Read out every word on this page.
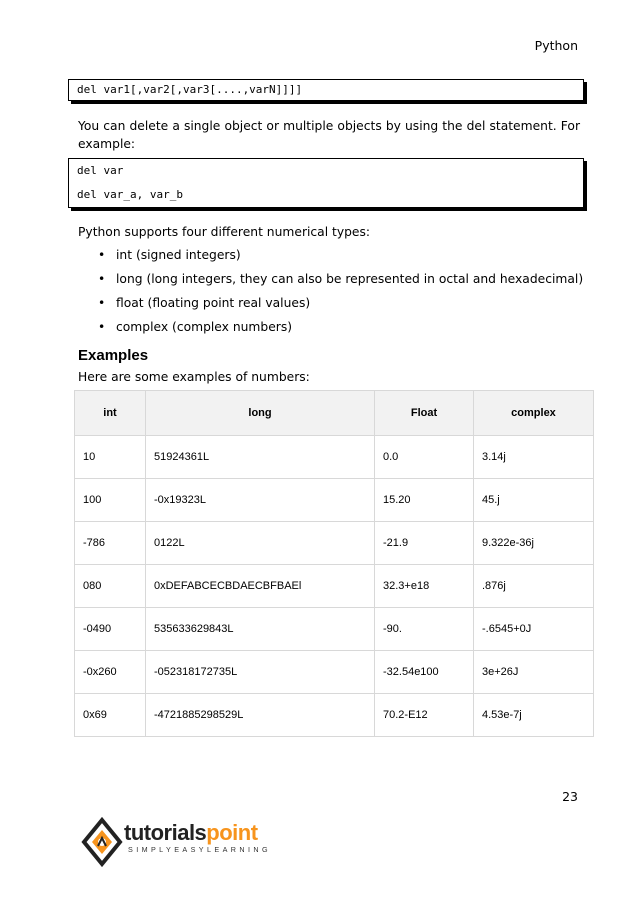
Python
del var1[,var2[,var3[....,varN]]]]
You can delete a single object or multiple objects by using the del statement. For example:
del var
del var_a, var_b
Python supports four different numerical types:
• int (signed integers)
• long (long integers, they can also be represented in octal and hexadecimal)
• float (floating point real values)
• complex (complex numbers)
Examples
Here are some examples of numbers:
int	long	Float	complex
10	51924361L	0.0	3.14j
100	-0x19323L	15.20	45.j
-786	0122L	-21.9	9.322e-36j
080	0xDEFABCECBDAECBFBAEl	32.3+e18	.876j
-0490	535633629843L	-90.	-.6545+0J
-0x260	-052318172735L	-32.54e100	3e+26J
0x69	-4721885298529L	70.2-E12	4.53e-7j
23
tutorialspoint
SIMPLYEASYLEARNING
